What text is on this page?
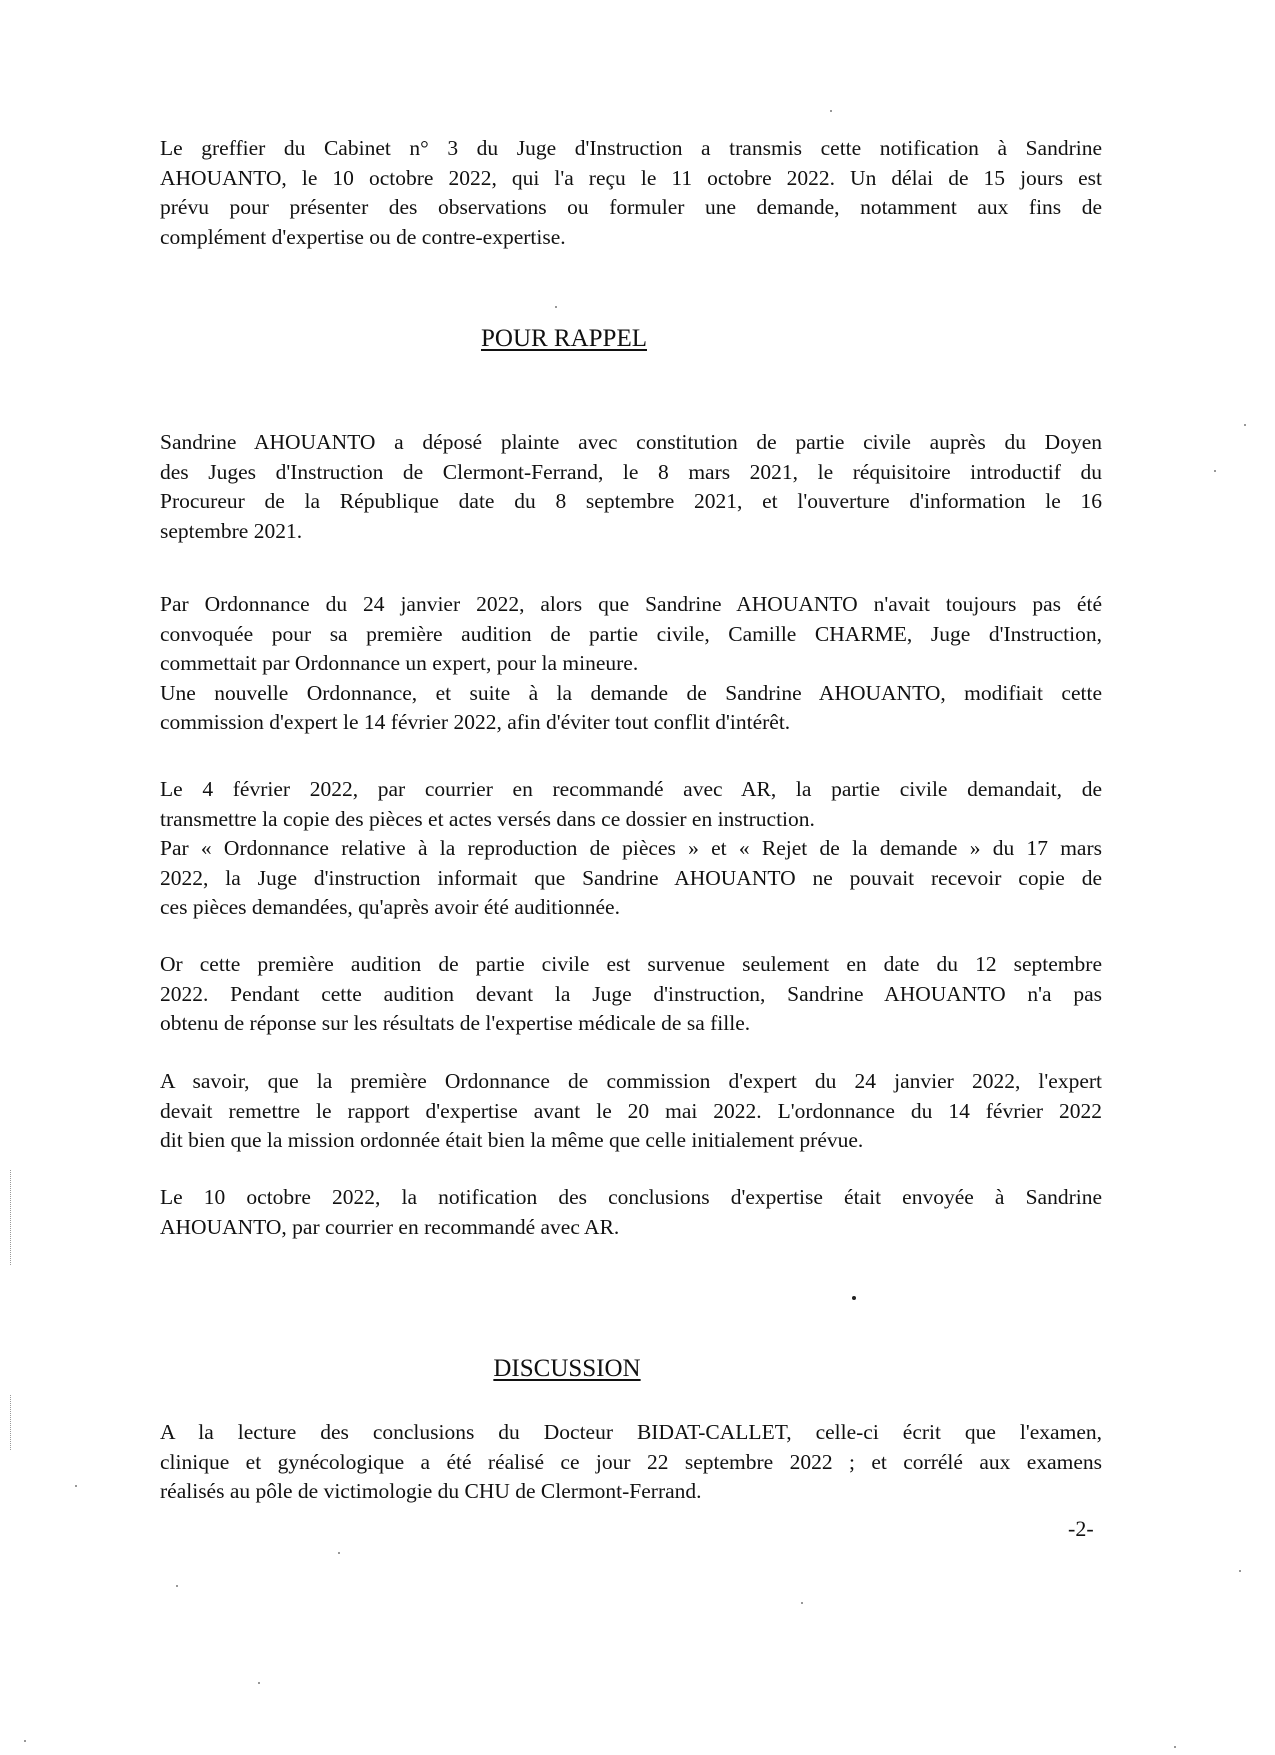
Le greffier du Cabinet n° 3 du Juge d'Instruction a transmis cette notification à Sandrine
AHOUANTO, le 10 octobre 2022, qui l'a reçu le 11 octobre 2022. Un délai de 15 jours est
prévu pour présenter des observations ou formuler une demande, notamment aux fins de
complément d'expertise ou de contre-expertise.
POUR RAPPEL
Sandrine AHOUANTO a déposé plainte avec constitution de partie civile auprès du Doyen
des Juges d'Instruction de Clermont-Ferrand, le 8 mars 2021, le réquisitoire introductif du
Procureur de la République date du 8 septembre 2021, et l'ouverture d'information le 16
septembre 2021.
Par Ordonnance du 24 janvier 2022, alors que Sandrine AHOUANTO n'avait toujours pas été
convoquée pour sa première audition de partie civile, Camille CHARME, Juge d'Instruction,
commettait par Ordonnance un expert, pour la mineure.
Une nouvelle Ordonnance, et suite à la demande de Sandrine AHOUANTO, modifiait cette
commission d'expert le 14 février 2022, afin d'éviter tout conflit d'intérêt.
Le 4 février 2022, par courrier en recommandé avec AR, la partie civile demandait, de
transmettre la copie des pièces et actes versés dans ce dossier en instruction.
Par « Ordonnance relative à la reproduction de pièces » et « Rejet de la demande » du 17 mars
2022, la Juge d'instruction informait que Sandrine AHOUANTO ne pouvait recevoir copie de
ces pièces demandées, qu'après avoir été auditionnée.
Or cette première audition de partie civile est survenue seulement en date du 12 septembre
2022. Pendant cette audition devant la Juge d'instruction, Sandrine AHOUANTO n'a pas
obtenu de réponse sur les résultats de l'expertise médicale de sa fille.
A savoir, que la première Ordonnance de commission d'expert du 24 janvier 2022, l'expert
devait remettre le rapport d'expertise avant le 20 mai 2022. L'ordonnance du 14 février 2022
dit bien que la mission ordonnée était bien la même que celle initialement prévue.
Le 10 octobre 2022, la notification des conclusions d'expertise était envoyée à Sandrine
AHOUANTO, par courrier en recommandé avec AR.
DISCUSSION
A la lecture des conclusions du Docteur BIDAT-CALLET, celle-ci écrit que l'examen,
clinique et gynécologique a été réalisé ce jour 22 septembre 2022 ; et corrélé aux examens
réalisés au pôle de victimologie du CHU de Clermont-Ferrand.
-2-
